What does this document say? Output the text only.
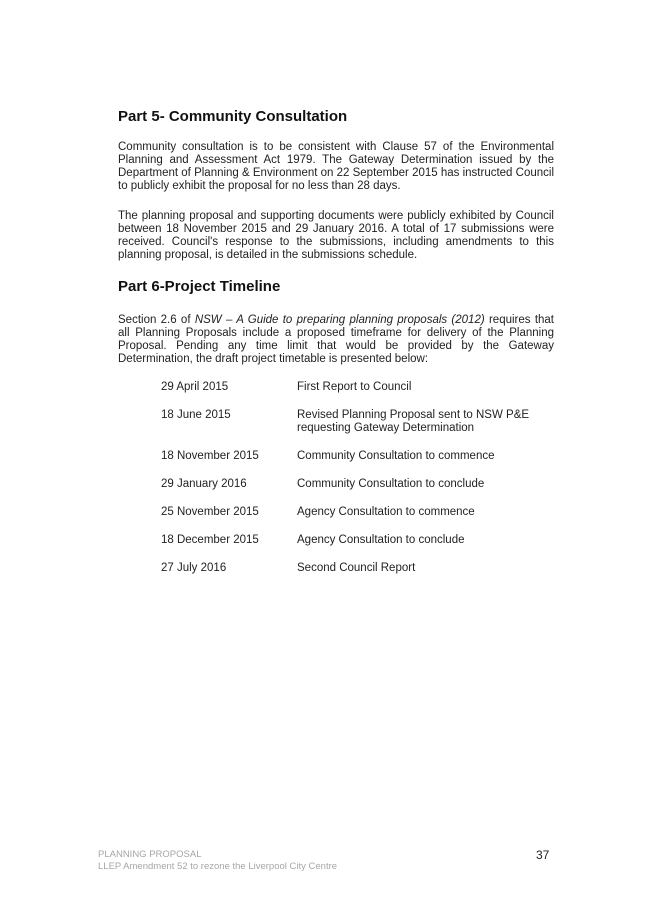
Part 5- Community Consultation

Community consultation is to be consistent with Clause 57 of the Environmental Planning and Assessment Act 1979. The Gateway Determination issued by the Department of Planning & Environment on 22 September 2015 has instructed Council to publicly exhibit the proposal for no less than 28 days.

The planning proposal and supporting documents were publicly exhibited by Council between 18 November 2015 and 29 January 2016. A total of 17 submissions were received. Council's response to the submissions, including amendments to this planning proposal, is detailed in the submissions schedule.

Part 6-Project Timeline

Section 2.6 of NSW – A Guide to preparing planning proposals (2012) requires that all Planning Proposals include a proposed timeframe for delivery of the Planning Proposal. Pending any time limit that would be provided by the Gateway Determination, the draft project timetable is presented below:

29 April 2015	First Report to Council
18 June 2015	Revised Planning Proposal sent to NSW P&E requesting Gateway Determination
18 November 2015	Community Consultation to commence
29 January 2016	Community Consultation to conclude
25 November 2015	Agency Consultation to commence
18 December 2015	Agency Consultation to conclude
27 July 2016	Second Council Report
PLANNING PROPOSAL
LLEP Amendment 52 to rezone the Liverpool City Centre
37
